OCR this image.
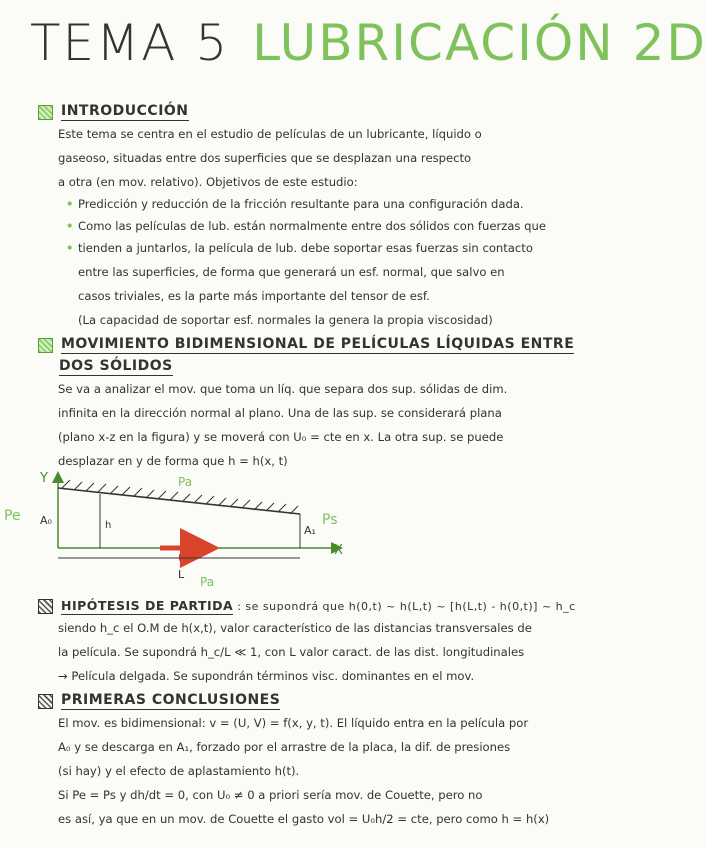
TEMA 5 LUBRICACIÓN 2D
INTRODUCCIÓN
Este tema se centra en el estudio de películas de un lubricante, líquido o
gaseoso, situadas entre dos superficies que se desplazan una respecto
a otra (en mov. relativo). Objetivos de este estudio:
• Predicción y reducción de la fricción resultante para una configuración dada.
• Como las películas de lub. están normalmente entre dos sólidos con fuerzas que
• tienden a juntarlos, la película de lub. debe soportar esas fuerzas sin contacto
entre las superficies, de forma que generará un esf. normal, que salvo en
casos triviales, es la parte más importante del tensor de esf.
(La capacidad de soportar esf. normales la genera la propia viscosidad)
MOVIMIENTO BIDIMENSIONAL DE PELÍCULAS LÍQUIDAS ENTRE
DOS SÓLIDOS
Se va a analizar el mov. que toma un líq. que separa dos sup. sólidas de dim.
infinita en la dirección normal al plano. Una de las sup. se considerará plana
(plano x-z en la figura) y se moverá con U₀ = cte en x. La otra sup. se puede
desplazar en y de forma que h = h(x, t)
Y
X
h
A₀
A₁
Pa
Pe	Ps
U₀
L
Pa
HIPÓTESIS DE PARTIDA : se supondrá que h(0,t) ~ h(L,t) ~ [h(L,t) - h(0,t)] ~ h_c
siendo h_c el O.M de h(x,t), valor característico de las distancias transversales de
la película. Se supondrá h_c/L ≪ 1, con L valor caract. de las dist. longitudinales
→ Película delgada. Se supondrán términos visc. dominantes en el mov.
PRIMERAS CONCLUSIONES
El mov. es bidimensional: v = (U, V) = f(x, y, t). El líquido entra en la película por
A₀ y se descarga en A₁, forzado por el arrastre de la placa, la dif. de presiones
(si hay) y el efecto de aplastamiento h(t).
Si Pe = Ps y dh/dt = 0, con U₀ ≠ 0 a priori sería mov. de Couette, pero no
es así, ya que en un mov. de Couette el gasto vol = U₀h/2 = cte, pero como h = h(x)
